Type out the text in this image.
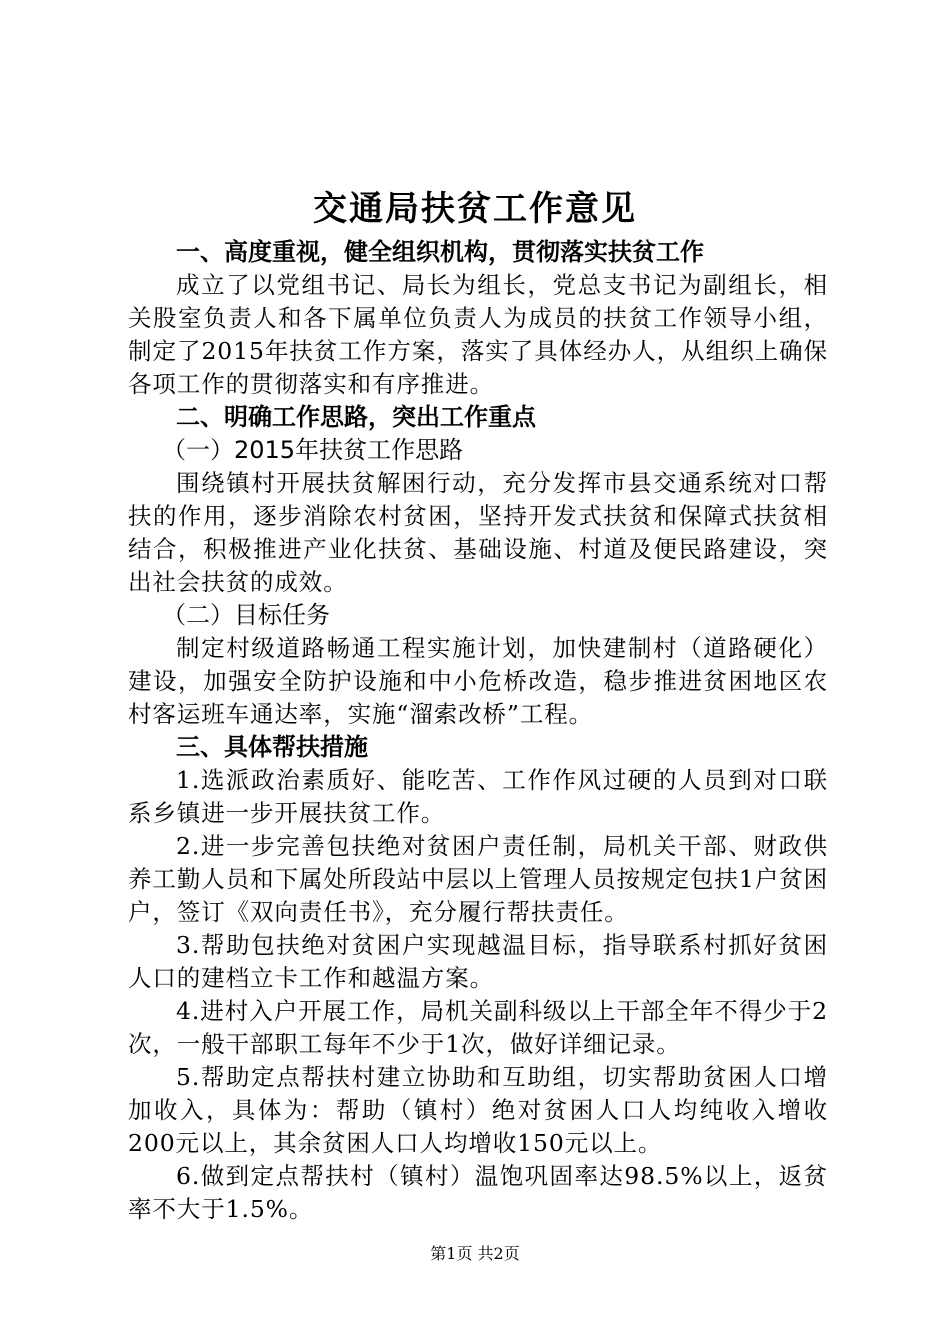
交通局扶贫工作意见
一、高度重视，健全组织机构，贯彻落实扶贫工作

成立了以党组书记、局长为组长，党总支书记为副组长，相关股室负责人和各下属单位负责人为成员的扶贫工作领导小组，制定了2015年扶贫工作方案，落实了具体经办人，从组织上确保各项工作的贯彻落实和有序推进。

二、明确工作思路，突出工作重点
（一）2015年扶贫工作思路

围绕镇村开展扶贫解困行动，充分发挥市县交通系统对口帮扶的作用，逐步消除农村贫困，坚持开发式扶贫和保障式扶贫相结合，积极推进产业化扶贫、基础设施、村道及便民路建设，突出社会扶贫的成效。

（二）目标任务

制定村级道路畅通工程实施计划，加快建制村（道路硬化）建设，加强安全防护设施和中小危桥改造，稳步推进贫困地区农村客运班车通达率，实施“溜索改桥”工程。

三、具体帮扶措施

1.选派政治素质好、能吃苦、工作作风过硬的人员到对口联系乡镇进一步开展扶贫工作。

2.进一步完善包扶绝对贫困户责任制，局机关干部、财政供养工勤人员和下属处所段站中层以上管理人员按规定包扶1户贫困户，签订《双向责任书》，充分履行帮扶责任。

3.帮助包扶绝对贫困户实现越温目标，指导联系村抓好贫困人口的建档立卡工作和越温方案。

4.进村入户开展工作，局机关副科级以上干部全年不得少于2次，一般干部职工每年不少于1次，做好详细记录。

5.帮助定点帮扶村建立协助和互助组，切实帮助贫困人口增加收入，具体为：帮助（镇村）绝对贫困人口人均纯收入增收200元以上，其余贫困人口人均增收150元以上。

6.做到定点帮扶村（镇村）温饱巩固率达98.5%以上，返贫率不大于1.5%。

第1页 共2页
